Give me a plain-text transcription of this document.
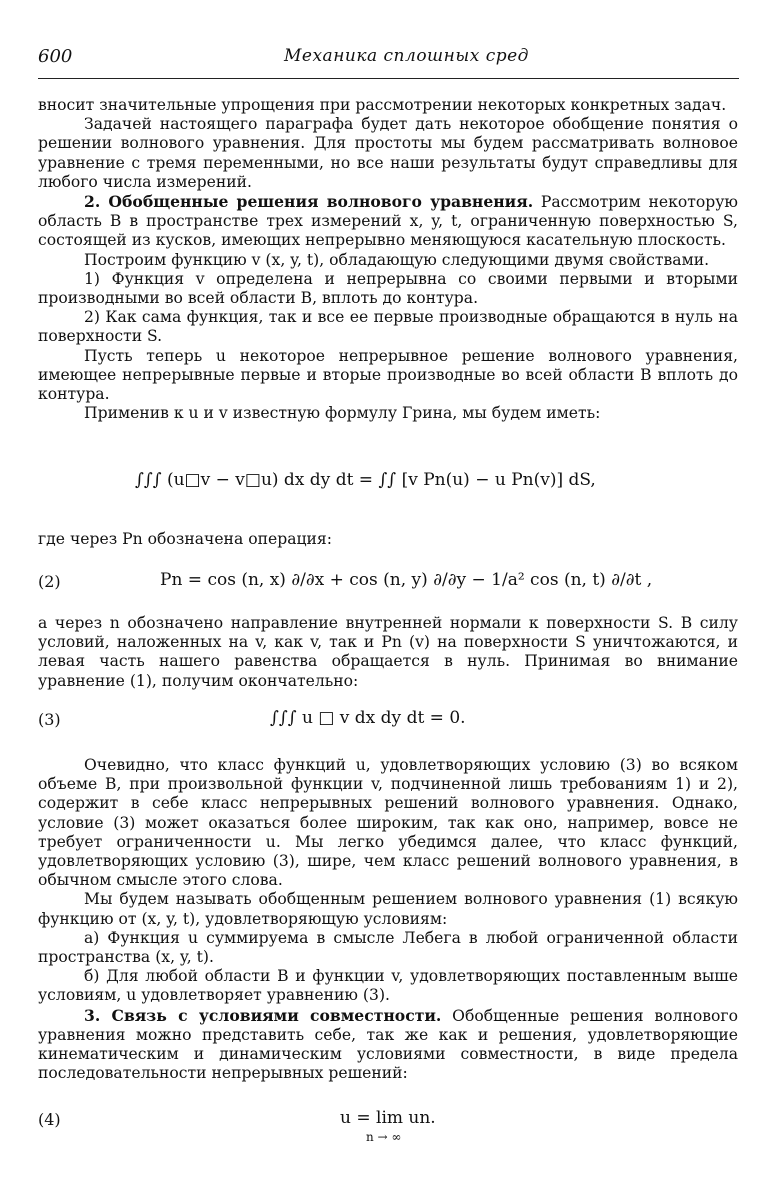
600	Механика сплошных сред

вносит значительные упрощения при рассмотрении некоторых конкретных задач.

Задачей настоящего параграфа будет дать некоторое обобщение понятия о решении волнового уравнения. Для простоты мы будем рассматривать волновое уравнение с тремя переменными, но все наши результаты будут справедливы для любого числа измерений.

2. Обобщенные решения волнового уравнения. Рассмотрим некоторую область B в пространстве трех измерений x, y, t, ограниченную поверхностью S, состоящей из кусков, имеющих непрерывно меняющуюся касательную плоскость.

Построим функцию v (x, y, t), обладающую следующими двумя свойствами.

1) Функция v определена и непрерывна со своими первыми и вторыми производными во всей области B, вплоть до контура.

2) Как сама функция, так и все ее первые производные обращаются в нуль на поверхности S.

Пусть теперь u некоторое непрерывное решение волнового уравнения, имеющее непрерывные первые и вторые производные во всей области B вплоть до контура.

Применив к u и v известную формулу Грина, мы будем иметь:

∫∫∫ (u□v − v□u) dx dy dt = ∫∫ [v Pn(u) − u Pn(v)] dS,

где через Pn обозначена операция:

(2)	Pn = cos (n, x) ∂/∂x + cos (n, y) ∂/∂y − 1/a² cos (n, t) ∂/∂t ,

а через n обозначено направление внутренней нормали к поверхности S. В силу условий, наложенных на v, как v, так и Pn (v) на поверхности S уничтожаются, и левая часть нашего равенства обращается в нуль. Принимая во внимание уравнение (1), получим окончательно:

(3)	∫∫∫ u □ v dx dy dt = 0.

Очевидно, что класс функций u, удовлетворяющих условию (3) во всяком объеме B, при произвольной функции v, подчиненной лишь требованиям 1) и 2), содержит в себе класс непрерывных решений волнового уравнения. Однако, условие (3) может оказаться более широким, так как оно, например, вовсе не требует ограниченности u. Мы легко убедимся далее, что класс функций, удовлетворяющих условию (3), шире, чем класс решений волнового уравнения, в обычном смысле этого слова.

Мы будем называть обобщенным решением волнового уравнения (1) всякую функцию от (x, y, t), удовлетворяющую условиям:

а) Функция u суммируема в смысле Лебега в любой ограниченной области пространства (x, y, t).

б) Для любой области B и функции v, удовлетворяющих поставленным выше условиям, u удовлетворяет уравнению (3).

3. Связь с условиями совместности. Обобщенные решения волнового уравнения можно представить себе, так же как и решения, удовлетворяющие кинематическим и динамическим условиями совместности, в виде предела последовательности непрерывных решений:

(4)	u = lim un.
n → ∞
